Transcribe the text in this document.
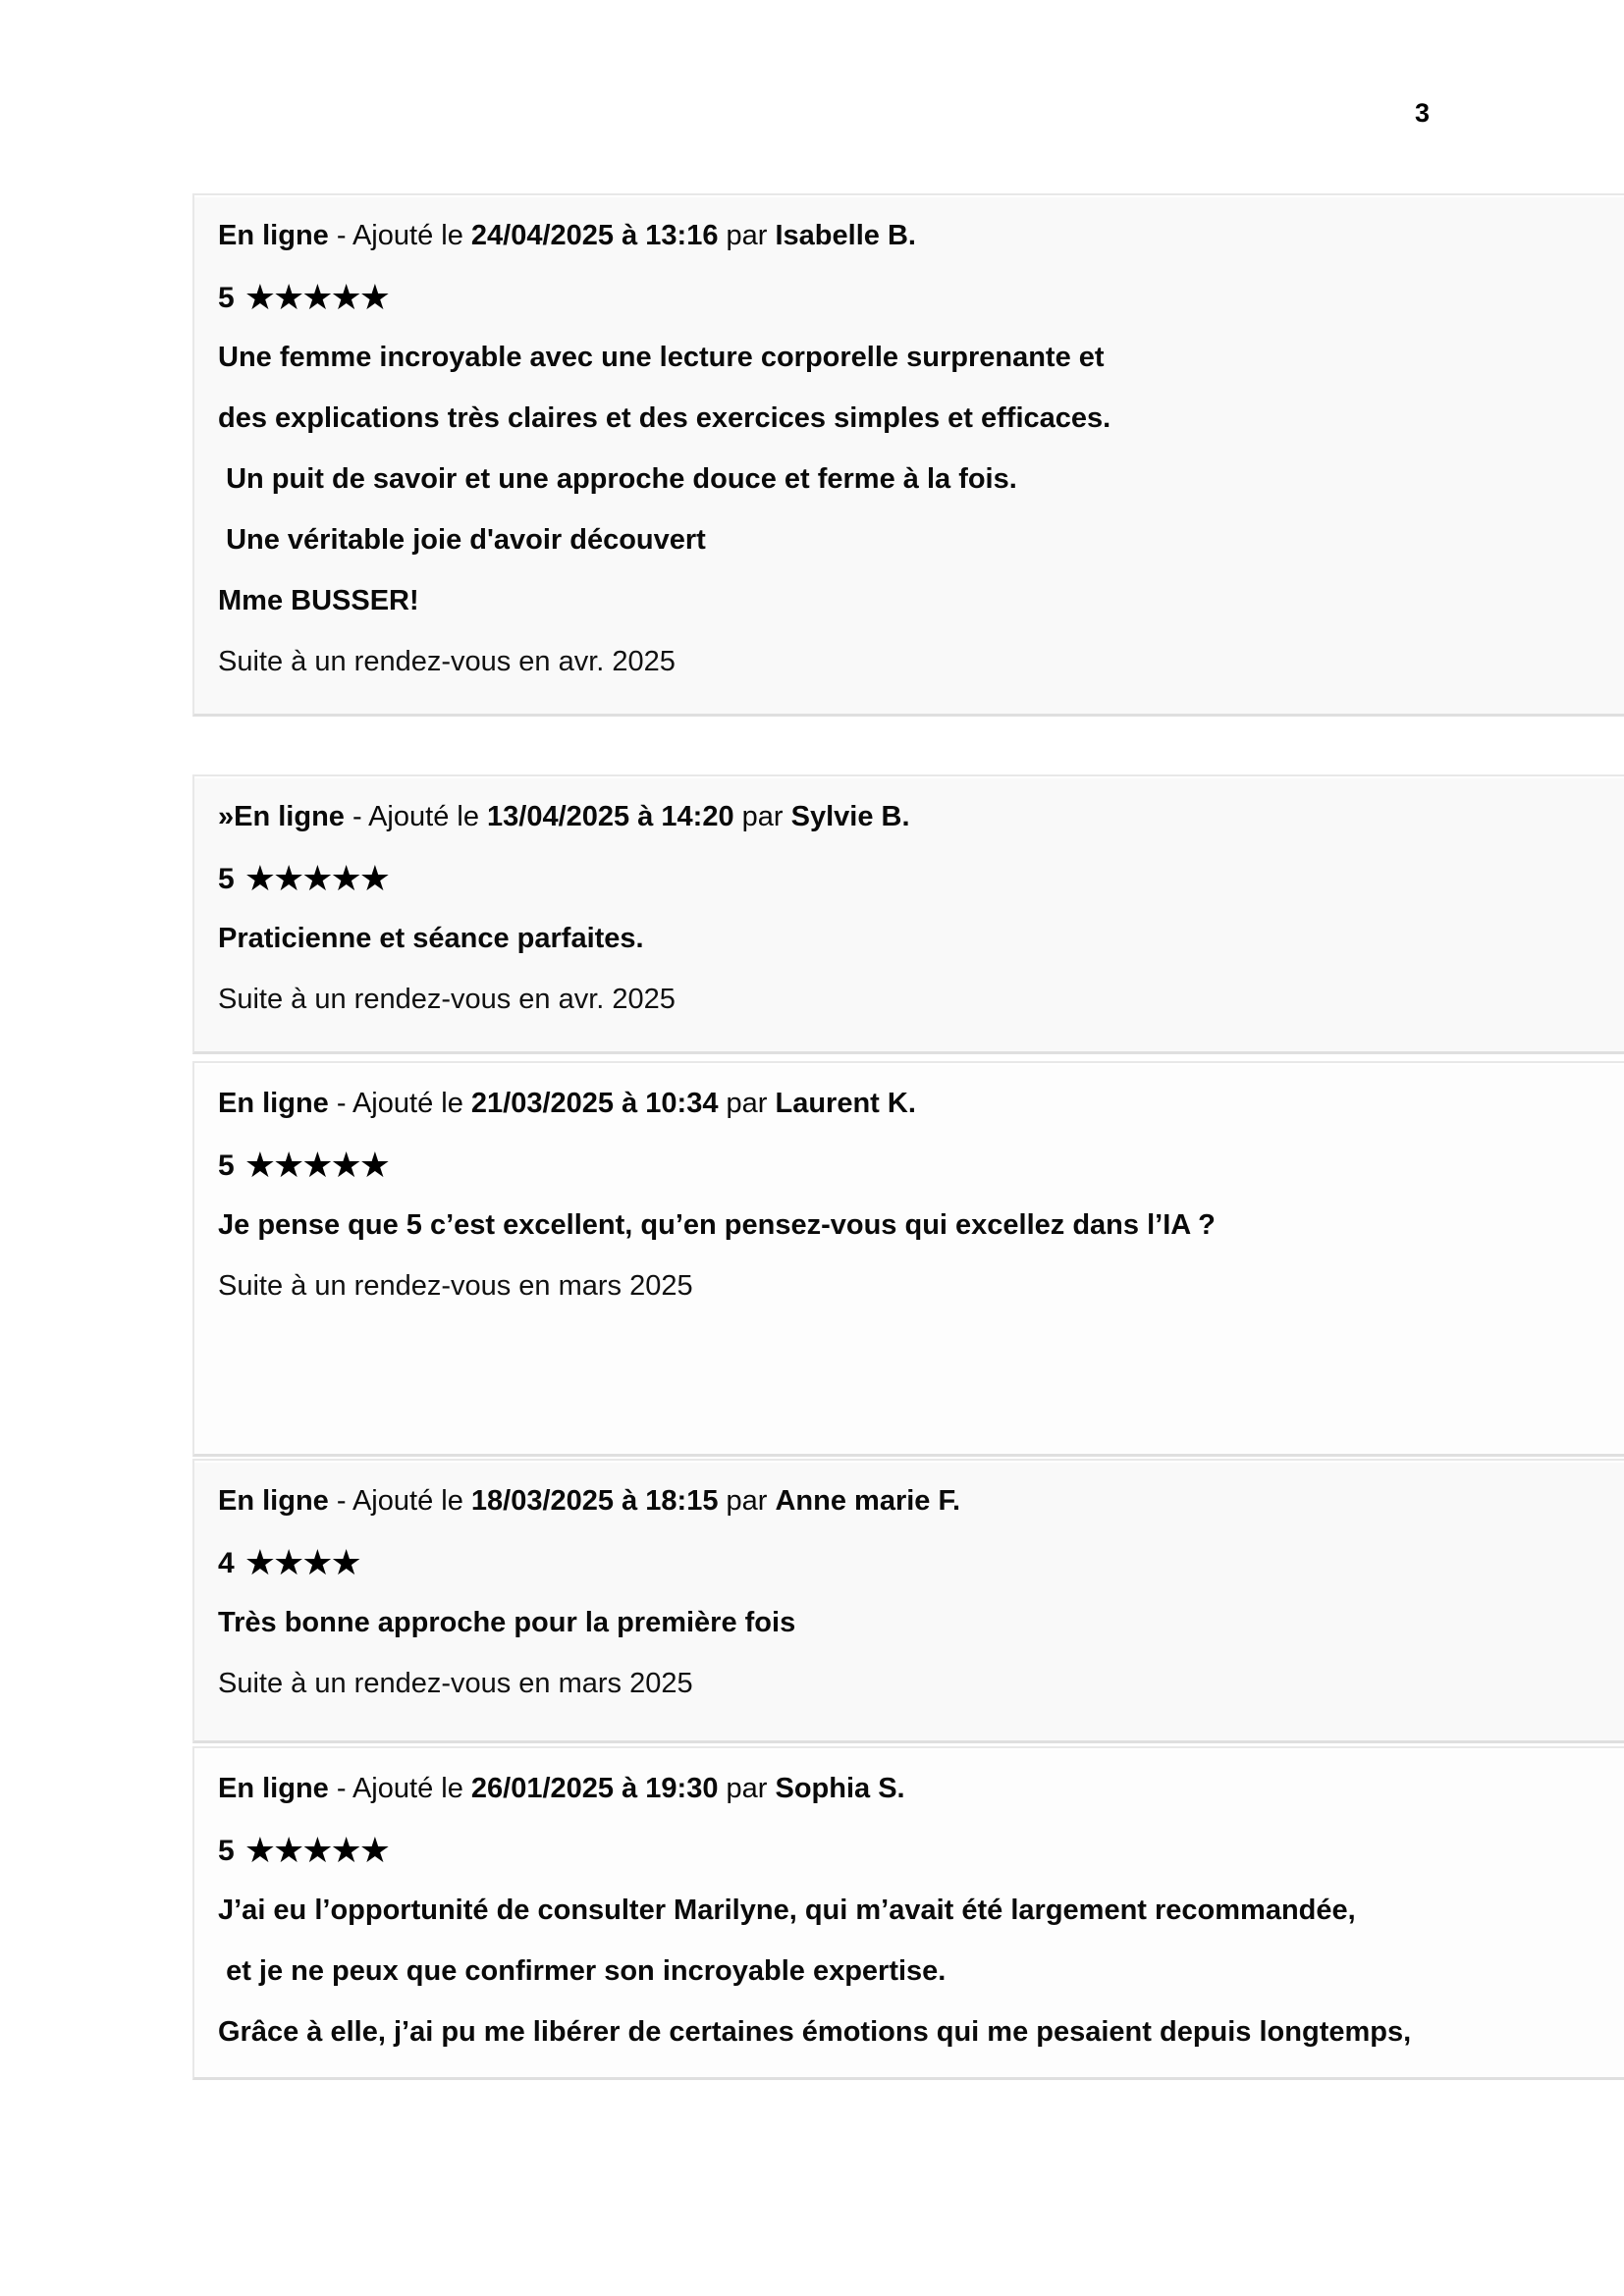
3

En ligne - Ajouté le 24/04/2025 à 13:16 par Isabelle B.

5 ★★★★★

Une femme incroyable avec une lecture corporelle surprenante et

des explications très claires et des exercices simples et efficaces.

Un puit de savoir et une approche douce et ferme à la fois.

Une véritable joie d'avoir découvert

Mme BUSSER!

Suite à un rendez-vous en avr. 2025

»En ligne - Ajouté le 13/04/2025 à 14:20 par Sylvie B.

5 ★★★★★

Praticienne et séance parfaites.

Suite à un rendez-vous en avr. 2025

En ligne - Ajouté le 21/03/2025 à 10:34 par Laurent K.

5 ★★★★★

Je pense que 5 c’est excellent, qu’en pensez-vous qui excellez dans l’IA ?

Suite à un rendez-vous en mars 2025

En ligne - Ajouté le 18/03/2025 à 18:15 par Anne marie F.

4 ★★★★

Très bonne approche pour la première fois

Suite à un rendez-vous en mars 2025

En ligne - Ajouté le 26/01/2025 à 19:30 par Sophia S.

5 ★★★★★

J’ai eu l’opportunité de consulter Marilyne, qui m’avait été largement recommandée,

et je ne peux que confirmer son incroyable expertise.

Grâce à elle, j’ai pu me libérer de certaines émotions qui me pesaient depuis longtemps,
